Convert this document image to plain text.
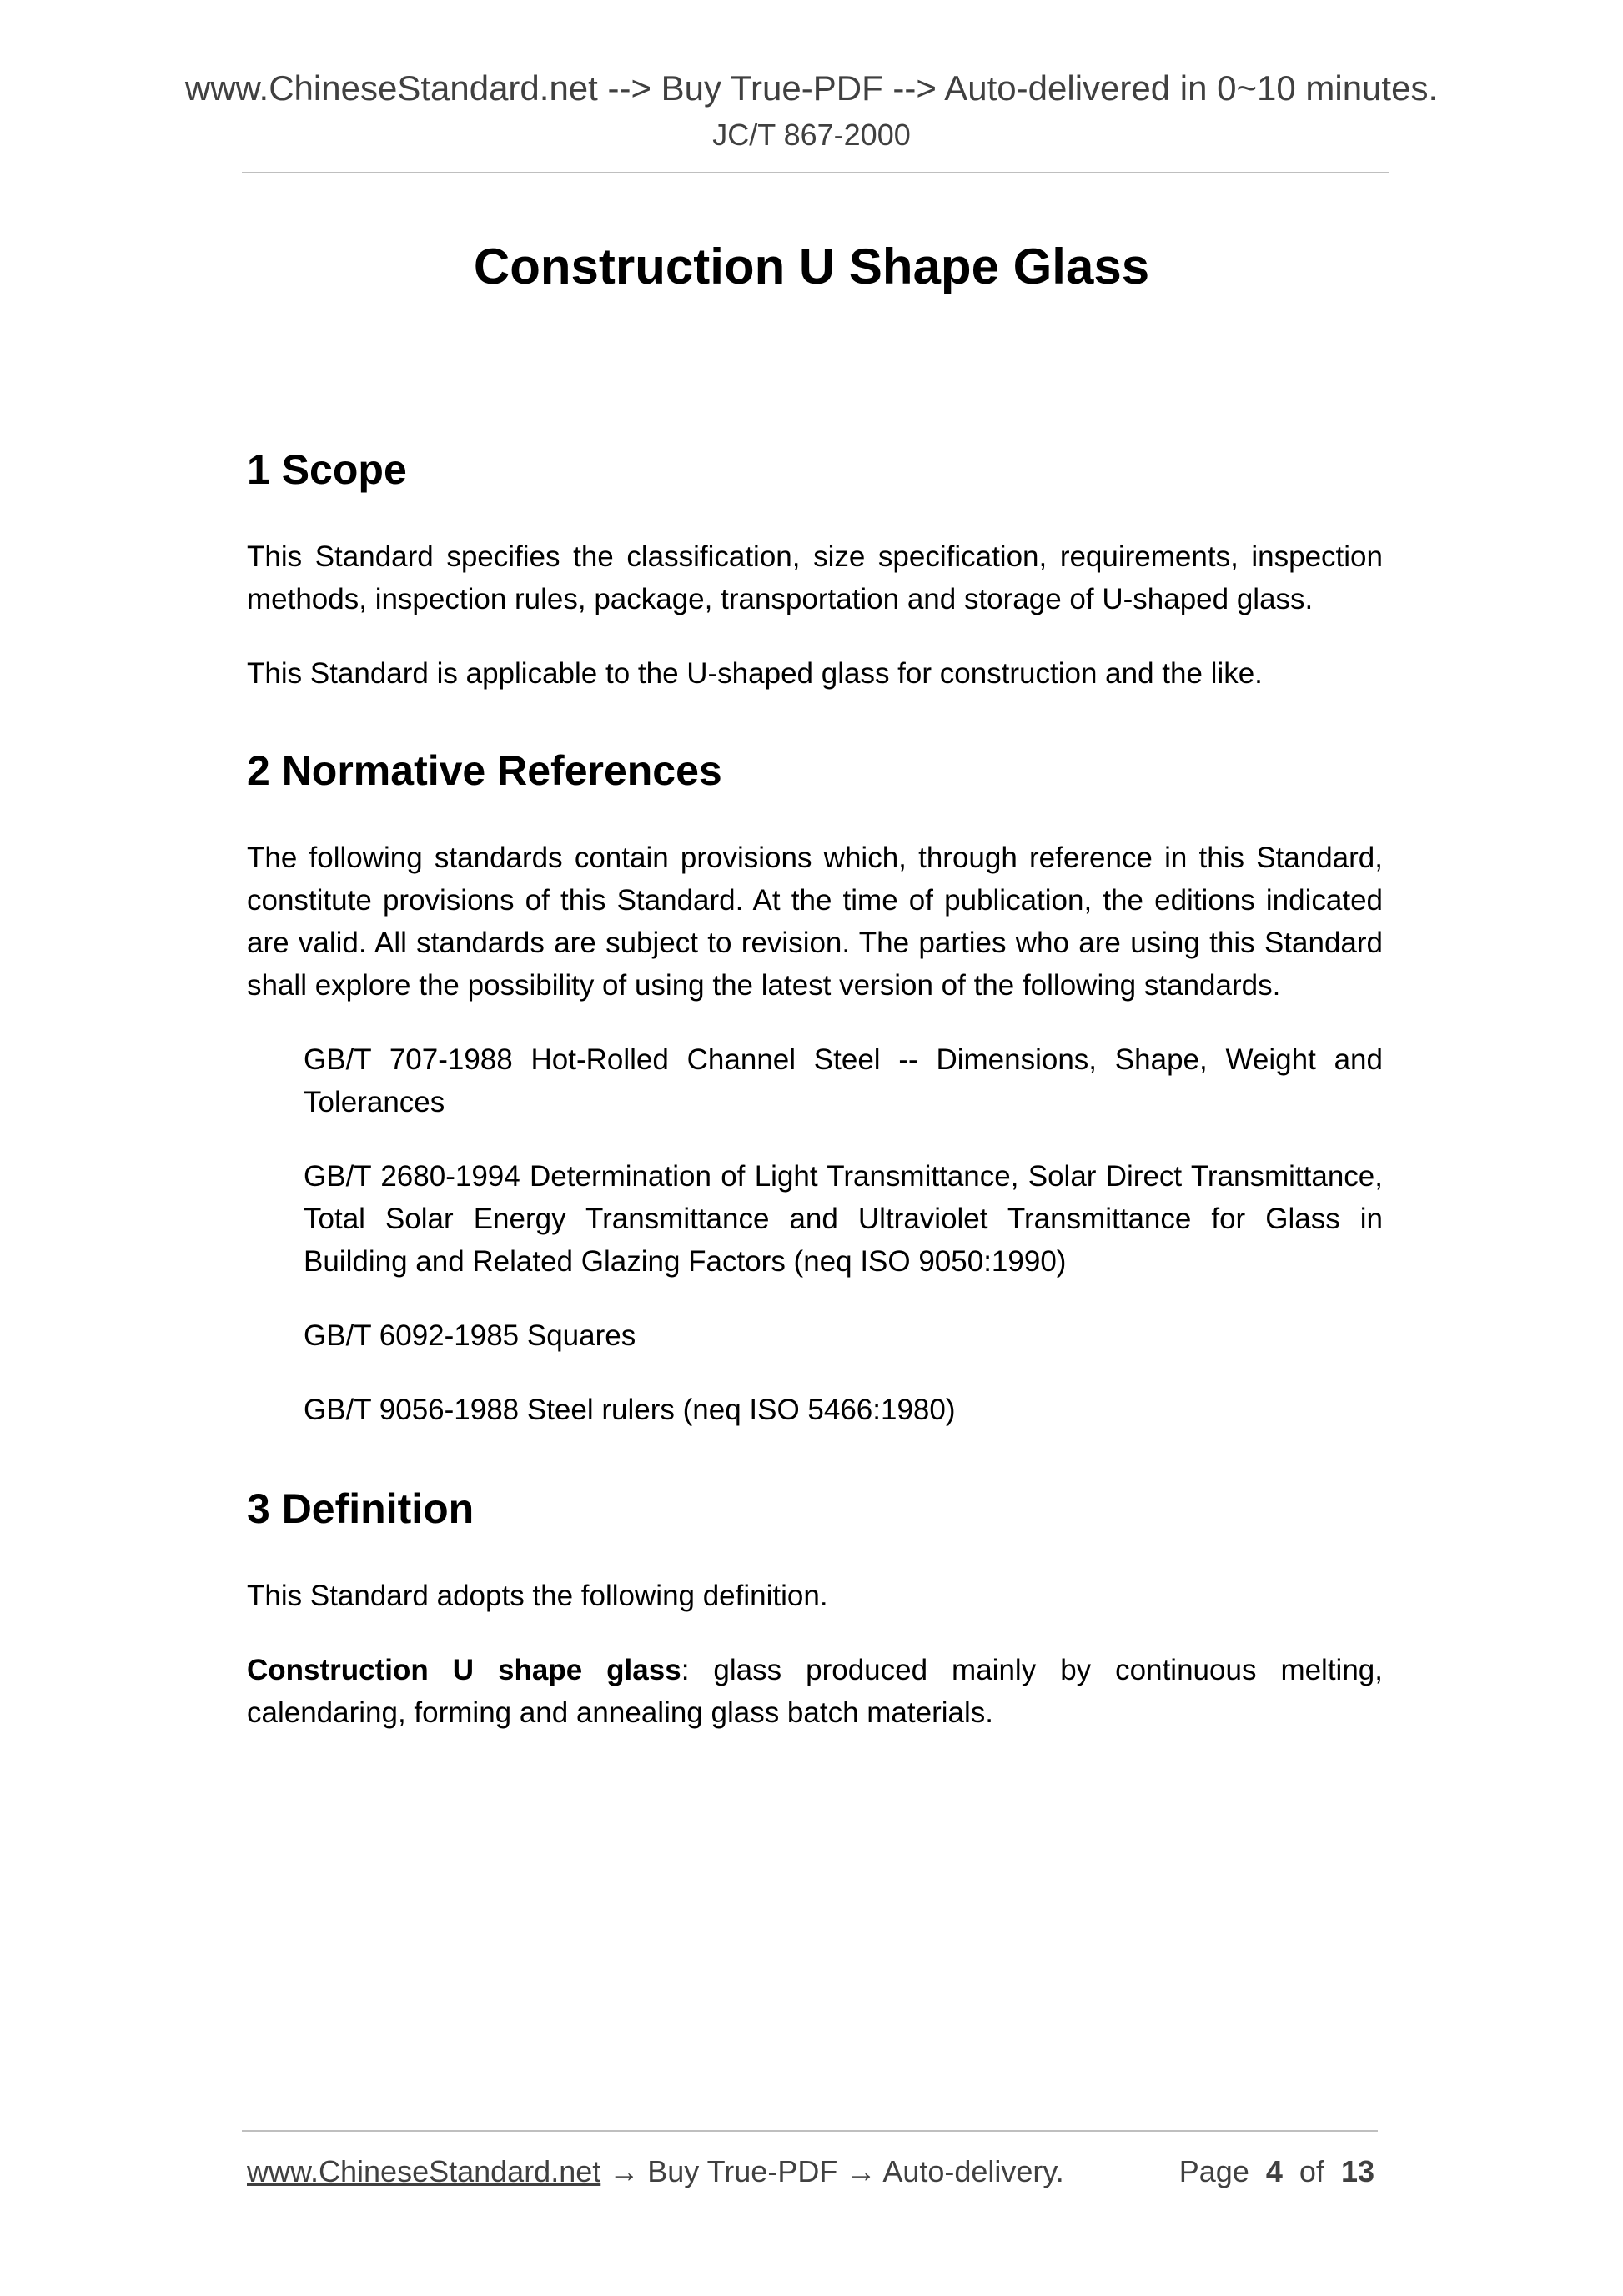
www.ChineseStandard.net --> Buy True-PDF --> Auto-delivered in 0~10 minutes.
JC/T 867-2000
Construction U Shape Glass
1 Scope

This Standard specifies the classification, size specification, requirements, inspection methods, inspection rules, package, transportation and storage of U-shaped glass.

This Standard is applicable to the U-shaped glass for construction and the like.

2 Normative References

The following standards contain provisions which, through reference in this Standard, constitute provisions of this Standard. At the time of publication, the editions indicated are valid. All standards are subject to revision. The parties who are using this Standard shall explore the possibility of using the latest version of the following standards.

GB/T 707-1988 Hot-Rolled Channel Steel -- Dimensions, Shape, Weight and Tolerances

GB/T 2680-1994 Determination of Light Transmittance, Solar Direct Transmittance, Total Solar Energy Transmittance and Ultraviolet Transmittance for Glass in Building and Related Glazing Factors (neq ISO 9050:1990)

GB/T 6092-1985 Squares

GB/T 9056-1988 Steel rulers (neq ISO 5466:1980)

3 Definition

This Standard adopts the following definition.

Construction U shape glass: glass produced mainly by continuous melting, calendaring, forming and annealing glass batch materials.

www.ChineseStandard.net → Buy True-PDF → Auto-delivery.	Page 4 of 13
